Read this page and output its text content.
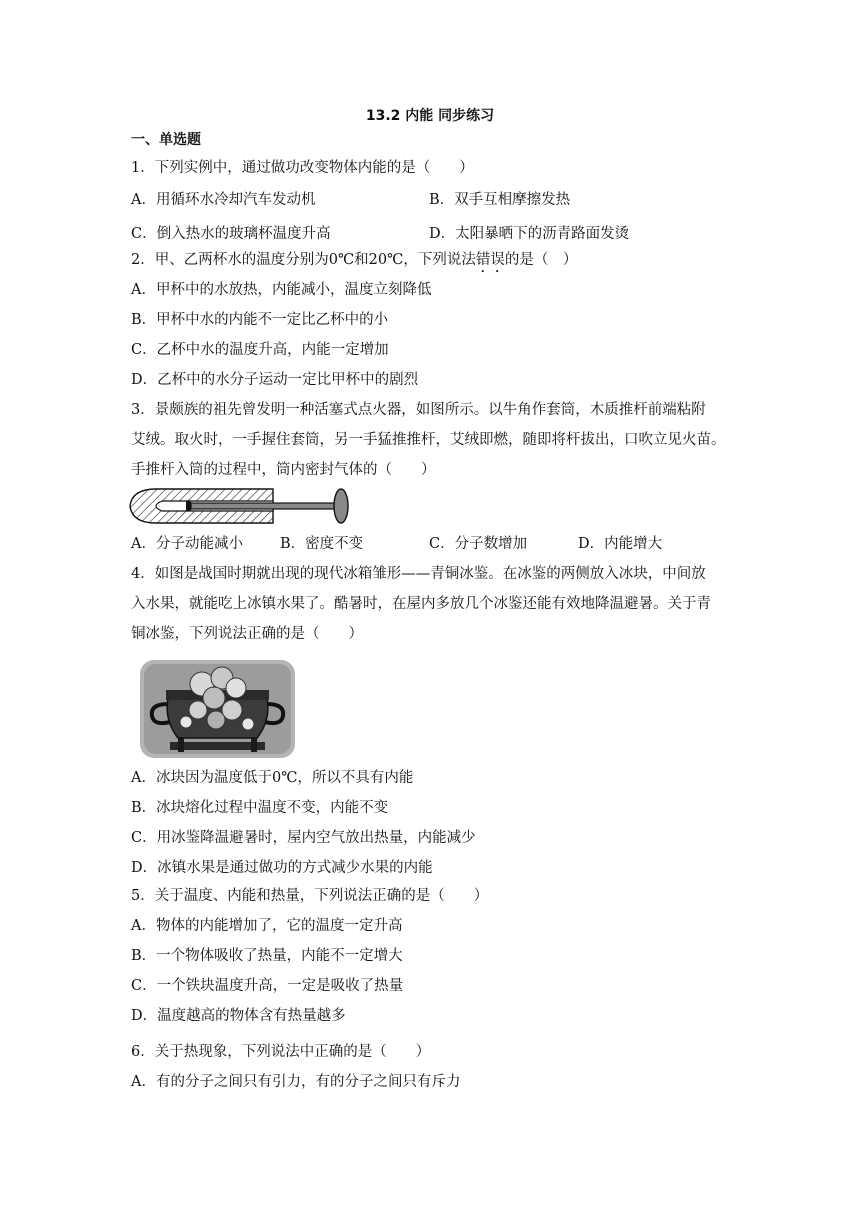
13.2 内能 同步练习
一、单选题
1．下列实例中，通过做功改变物体内能的是（　　）
A．用循环水冷却汽车发动机	B．双手互相摩擦发热
C．倒入热水的玻璃杯温度升高	D．太阳暴晒下的沥青路面发烫
2．甲、乙两杯水的温度分别为0℃和20℃，下列说法错误的是（　）
A．甲杯中的水放热，内能减小，温度立刻降低
B．甲杯中水的内能不一定比乙杯中的小
C．乙杯中水的温度升高，内能一定增加
D．乙杯中的水分子运动一定比甲杯中的剧烈
3．景颇族的祖先曾发明一种活塞式点火器，如图所示。以牛角作套筒，木质推杆前端粘附
艾绒。取火时，一手握住套筒，另一手猛推推杆，艾绒即燃，随即将杆拔出，口吹立见火苗。
手推杆入筒的过程中，筒内密封气体的（　　）
A．分子动能减小	B．密度不变	C．分子数增加	D．内能增大
4．如图是战国时期就出现的现代冰箱雏形——青铜冰鉴。在冰鉴的两侧放入冰块，中间放
入水果，就能吃上冰镇水果了。酷暑时，在屋内多放几个冰鉴还能有效地降温避暑。关于青
铜冰鉴，下列说法正确的是（　　）
A．冰块因为温度低于0℃，所以不具有内能
B．冰块熔化过程中温度不变，内能不变
C．用冰鉴降温避暑时，屋内空气放出热量，内能减少
D．冰镇水果是通过做功的方式减少水果的内能
5．关于温度、内能和热量，下列说法正确的是（　　）
A．物体的内能增加了，它的温度一定升高
B．一个物体吸收了热量，内能不一定增大
C．一个铁块温度升高，一定是吸收了热量
D．温度越高的物体含有热量越多
6．关于热现象，下列说法中正确的是（　　）
A．有的分子之间只有引力，有的分子之间只有斥力
